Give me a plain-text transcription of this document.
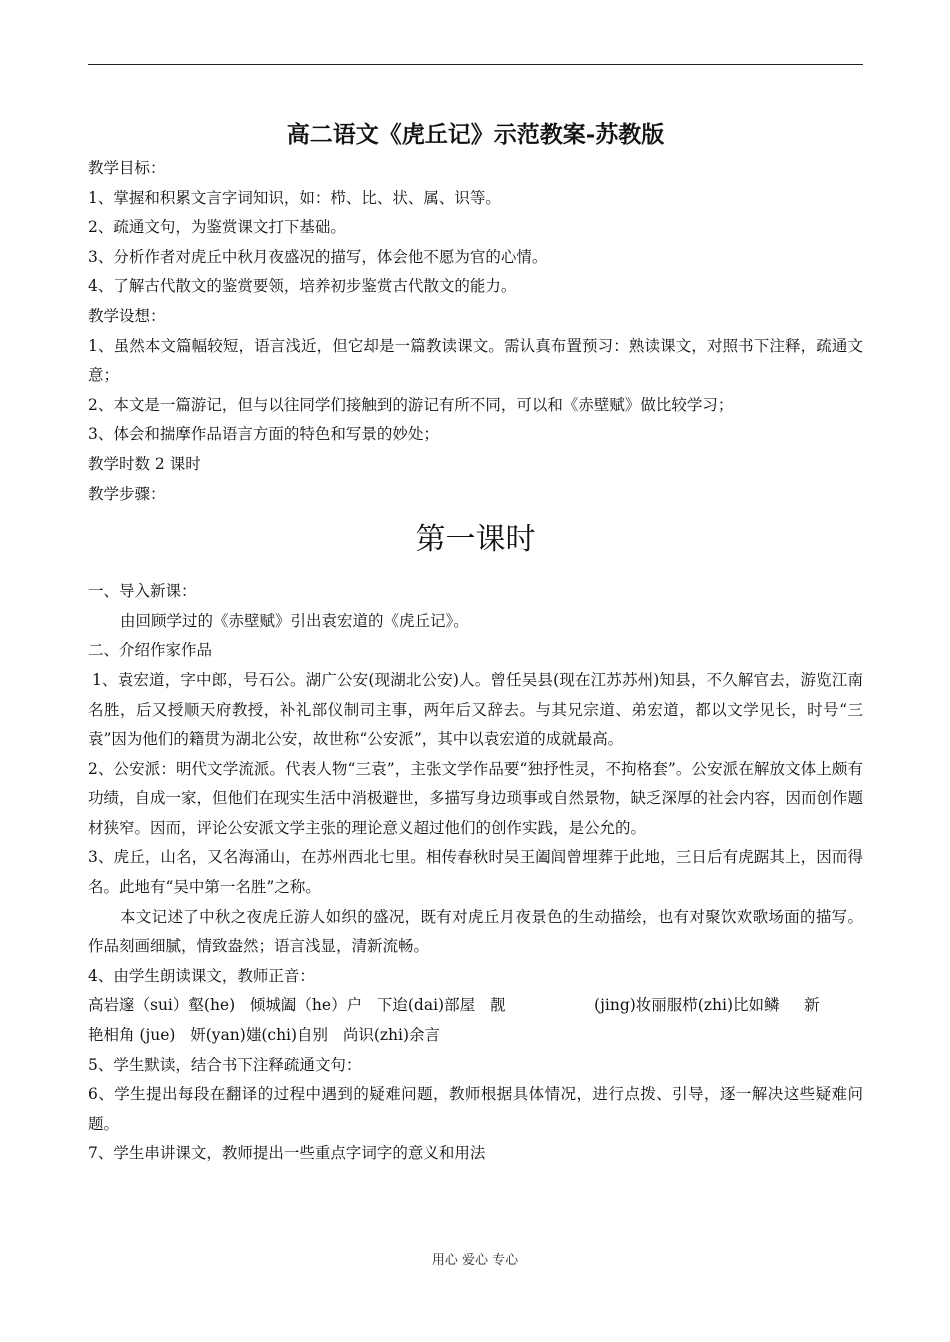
高二语文《虎丘记》示范教案-苏教版

教学目标：

1、掌握和积累文言字词知识，如：栉、比、状、属、识等。

2、疏通文句，为鉴赏课文打下基础。

3、分析作者对虎丘中秋月夜盛况的描写，体会他不愿为官的心情。

4、了解古代散文的鉴赏要领，培养初步鉴赏古代散文的能力。

教学设想：

1、虽然本文篇幅较短，语言浅近，但它却是一篇教读课文。需认真布置预习：熟读课文，对照书下注释，疏通文意；

2、本文是一篇游记，但与以往同学们接触到的游记有所不同，可以和《赤壁赋》做比较学习；

3、体会和揣摩作品语言方面的特色和写景的妙处；

教学时数 2 课时

教学步骤：

第一课时

一、导入新课：

由回顾学过的《赤壁赋》引出袁宏道的《虎丘记》。

二、介绍作家作品

1、袁宏道，字中郎，号石公。湖广公安(现湖北公安)人。曾任吴县(现在江苏苏州)知县，不久解官去，游览江南名胜，后又授顺天府教授，补礼部仪制司主事，两年后又辞去。与其兄宗道、弟宏道，都以文学见长，时号“三袁”因为他们的籍贯为湖北公安，故世称“公安派”，其中以袁宏道的成就最高。

2、公安派：明代文学流派。代表人物“三袁”，主张文学作品要“独抒性灵，不拘格套”。公安派在解放文体上颇有功绩，自成一家，但他们在现实生活中消极避世，多描写身边琐事或自然景物，缺乏深厚的社会内容，因而创作题材狭窄。因而，评论公安派文学主张的理论意义超过他们的创作实践，是公允的。

3、虎丘，山名，又名海涌山，在苏州西北七里。相传春秋时吴王阖闾曾埋葬于此地，三日后有虎踞其上，因而得名。此地有“吴中第一名胜”之称。

本文记述了中秋之夜虎丘游人如织的盛况，既有对虎丘月夜景色的生动描绘，也有对聚饮欢歌场面的描写。作品刻画细腻，情致盎然；语言浅显，清新流畅。

4、由学生朗读课文，教师正音：

高岩邃（sui）壑(he)   倾城阖（he）户   下迨(dai)部屋   靓                  (jing)妆丽服栉(zhi)比如鳞     新

艳相角 (jue)   妍(yan)媸(chi)自别   尚识(zhi)余言

5、学生默读，结合书下注释疏通文句：

6、学生提出每段在翻译的过程中遇到的疑难问题，教师根据具体情况，进行点拨、引导，逐一解决这些疑难问题。

7、学生串讲课文，教师提出一些重点字词字的意义和用法

用心 爱心 专心
